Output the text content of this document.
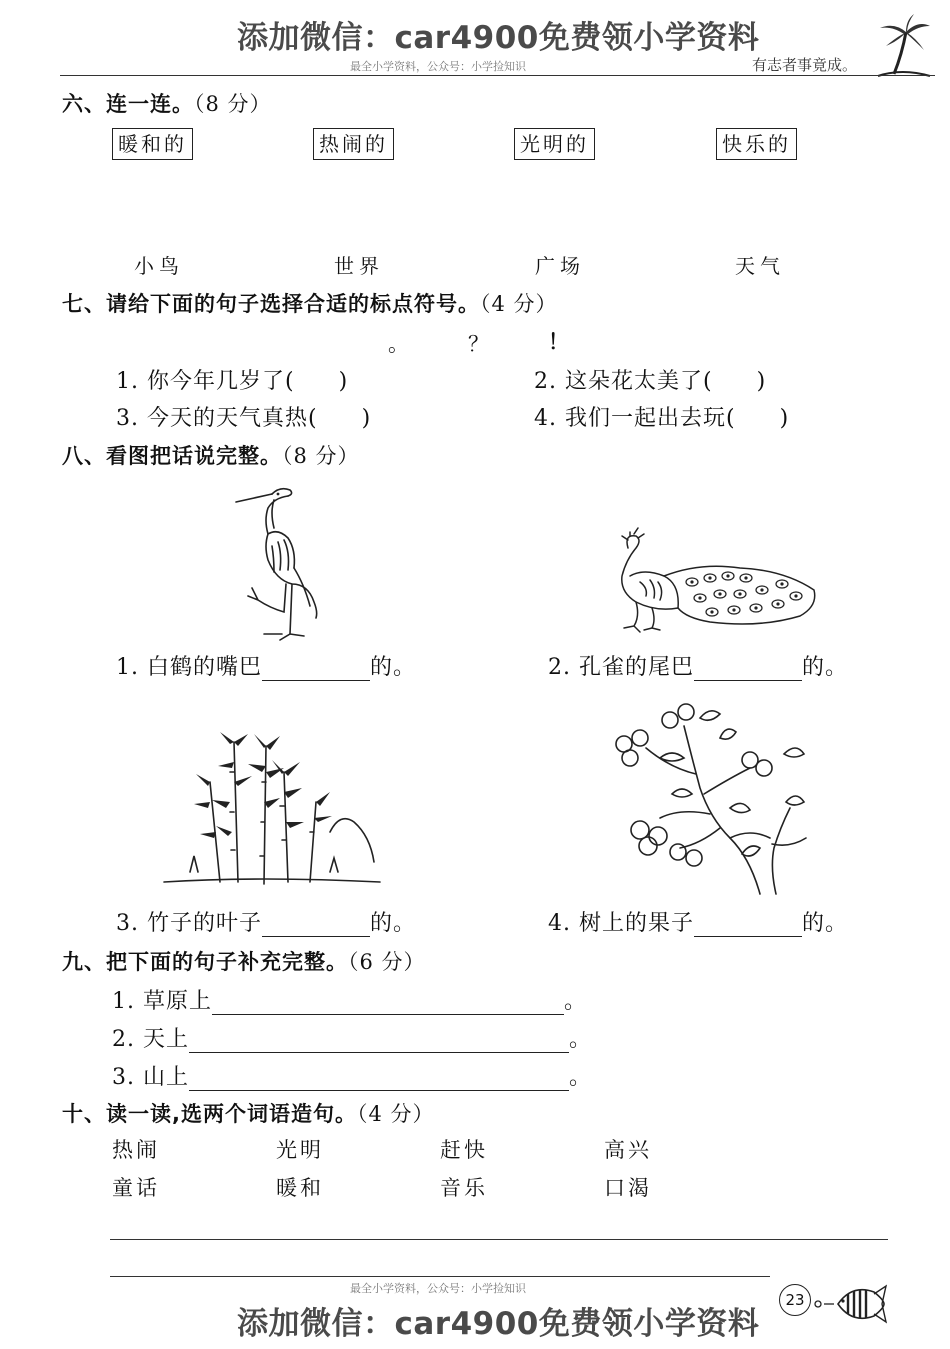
添加微信：car4900免费领小学资料
最全小学资料，公众号：小学捡知识	有志者事竟成。
六、连一连。（8 分）
暖和的	热闹的	光明的	快乐的
小鸟	世界	广场	天气
七、请给下面的句子选择合适的标点符号。（4 分）
。	？	！
1. 你今年几岁了( )	2. 这朵花太美了( )
3. 今天的天气真热( )	4. 我们一起出去玩( )
八、看图把话说完整。（8 分）
1. 白鹤的嘴巴	的。	2. 孔雀的尾巴	的。
3. 竹子的叶子	的。	4. 树上的果子	的。
九、把下面的句子补充完整。（6 分）
1. 草原上	。
2. 天上	。
3. 山上	。
十、读一读,选两个词语造句。（4 分）
热闹	光明	赶快	高兴
童话	暖和	音乐	口渴
最全小学资料，公众号：小学捡知识
23
添加微信：car4900免费领小学资料
